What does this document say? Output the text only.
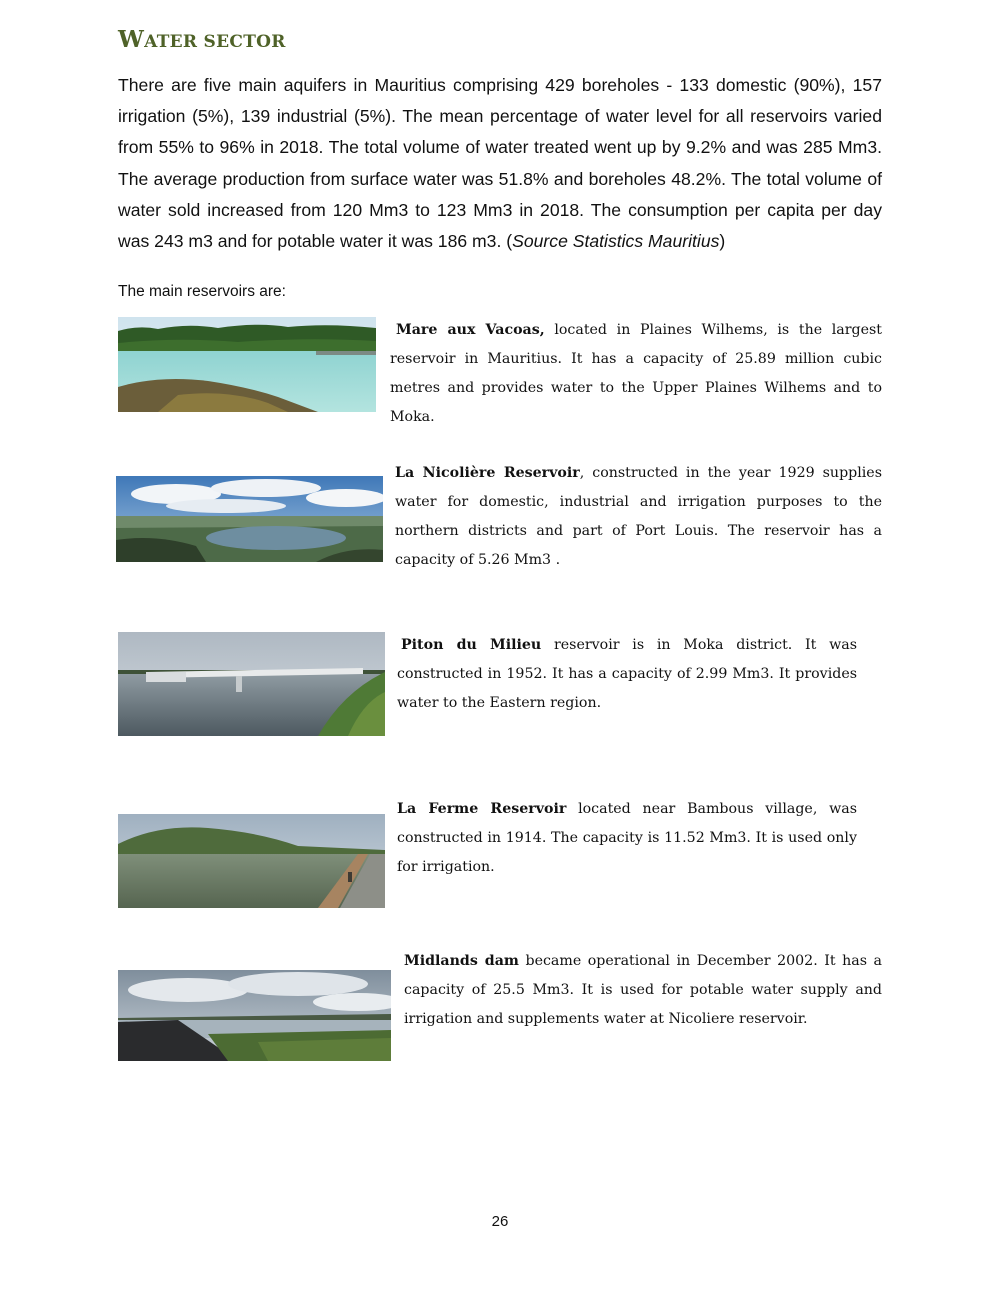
WATER SECTOR

There are five main aquifers in Mauritius comprising 429 boreholes - 133 domestic (90%), 157 irrigation (5%), 139 industrial (5%). The mean percentage of water level for all reservoirs varied from 55% to 96% in 2018. The total volume of water treated went up by 9.2% and was 285 Mm3. The average production from surface water was 51.8% and boreholes 48.2%. The total volume of water sold increased from 120 Mm3 to 123 Mm3 in 2018. The consumption per capita per day was 243 m3 and for potable water it was 186 m3. (Source Statistics Mauritius)

The main reservoirs are:

Mare aux Vacoas, located in Plaines Wilhems, is the largest reservoir in Mauritius. It has a capacity of 25.89 million cubic metres and provides water to the Upper Plaines Wilhems and to Moka.

La Nicolière Reservoir, constructed in the year 1929 supplies water for domestic, industrial and irrigation purposes to the northern districts and part of Port Louis. The reservoir has a capacity of 5.26 Mm3 .

Piton du Milieu reservoir is in Moka district. It was constructed in 1952. It has a capacity of 2.99 Mm3. It provides water to the Eastern region.

La Ferme Reservoir located near Bambous village, was constructed in 1914. The capacity is 11.52 Mm3. It is used only for irrigation.

Midlands dam became operational in December 2002. It has a capacity of 25.5 Mm3. It is used for potable water supply and irrigation and supplements water at Nicoliere reservoir.

26
